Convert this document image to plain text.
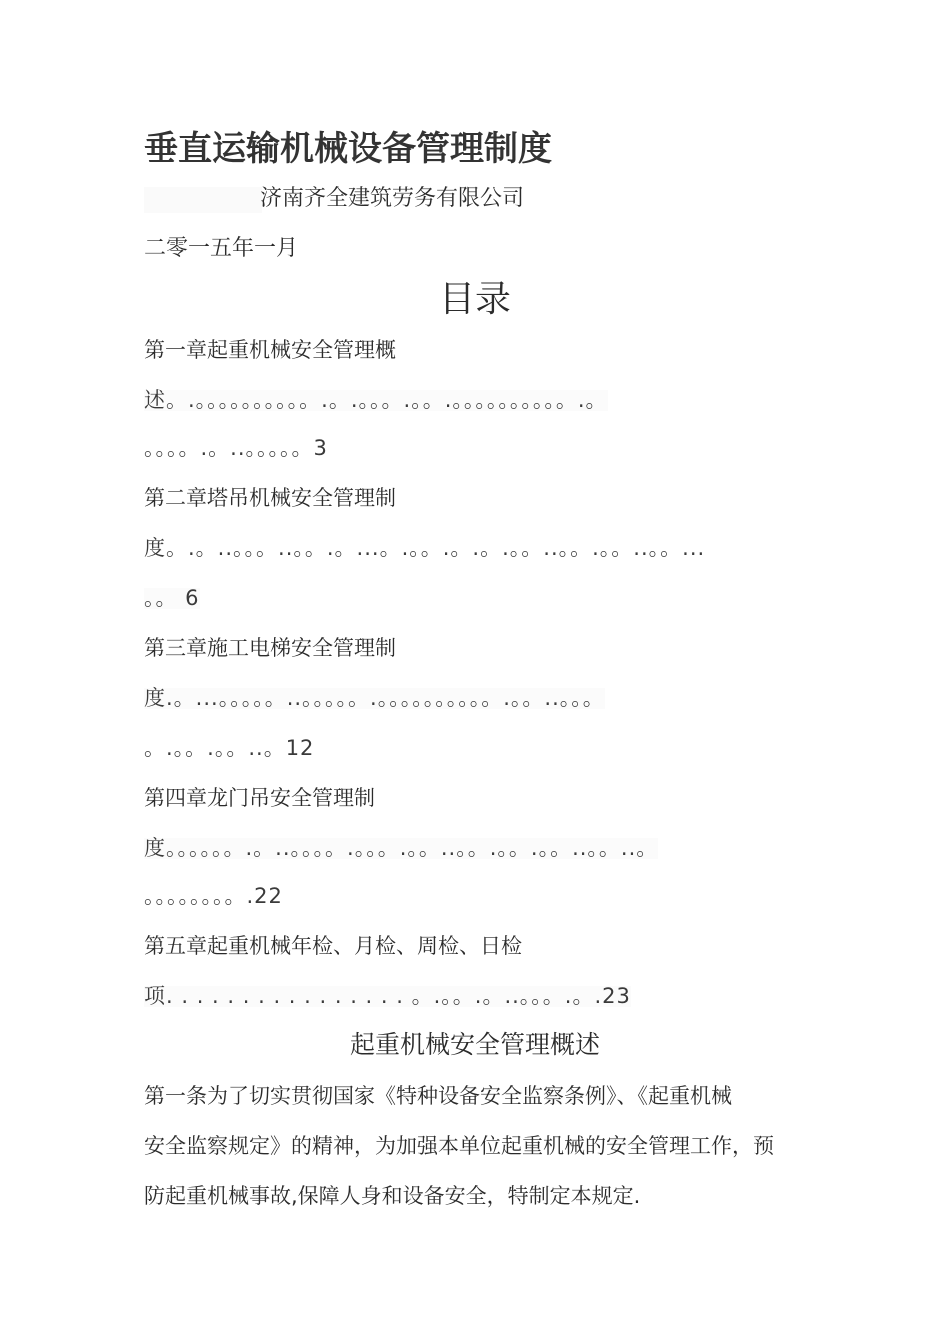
垂直运输机械设备管理制度
济南齐全建筑劳务有限公司
二零一五年一月
目录
第一章起重机械安全管理概
述。.。。。。。。。。。。.。.。。。.。。.。。。。。。。。。。.。
。。。。.。..。。。。。3
第二章塔吊机械安全管理制
度。.。..。。。..。。.。...。.。。.。.。.。。..。。.。。..。。...
。。 6
第三章施工电梯安全管理制
度.。...。。。。。..。。。。。.。。。。。。。。。。.。。..。。。
。.。。.。。..。12
第四章龙门吊安全管理制
度。。。。。。.。..。。。。.。。。.。。..。。.。。.。。..。。..。
。。。。。。。。.22
第五章起重机械年检、月检、周检、日检
项. . . . . . . . . . . . . . . . 。.。。.。..。。。.。.23
起重机械安全管理概述
第一条为了切实贯彻国家《特种设备安全监察条例》、《起重机械
安全监察规定》的精神，为加强本单位起重机械的安全管理工作，预
防起重机械事故,保障人身和设备安全，特制定本规定.
